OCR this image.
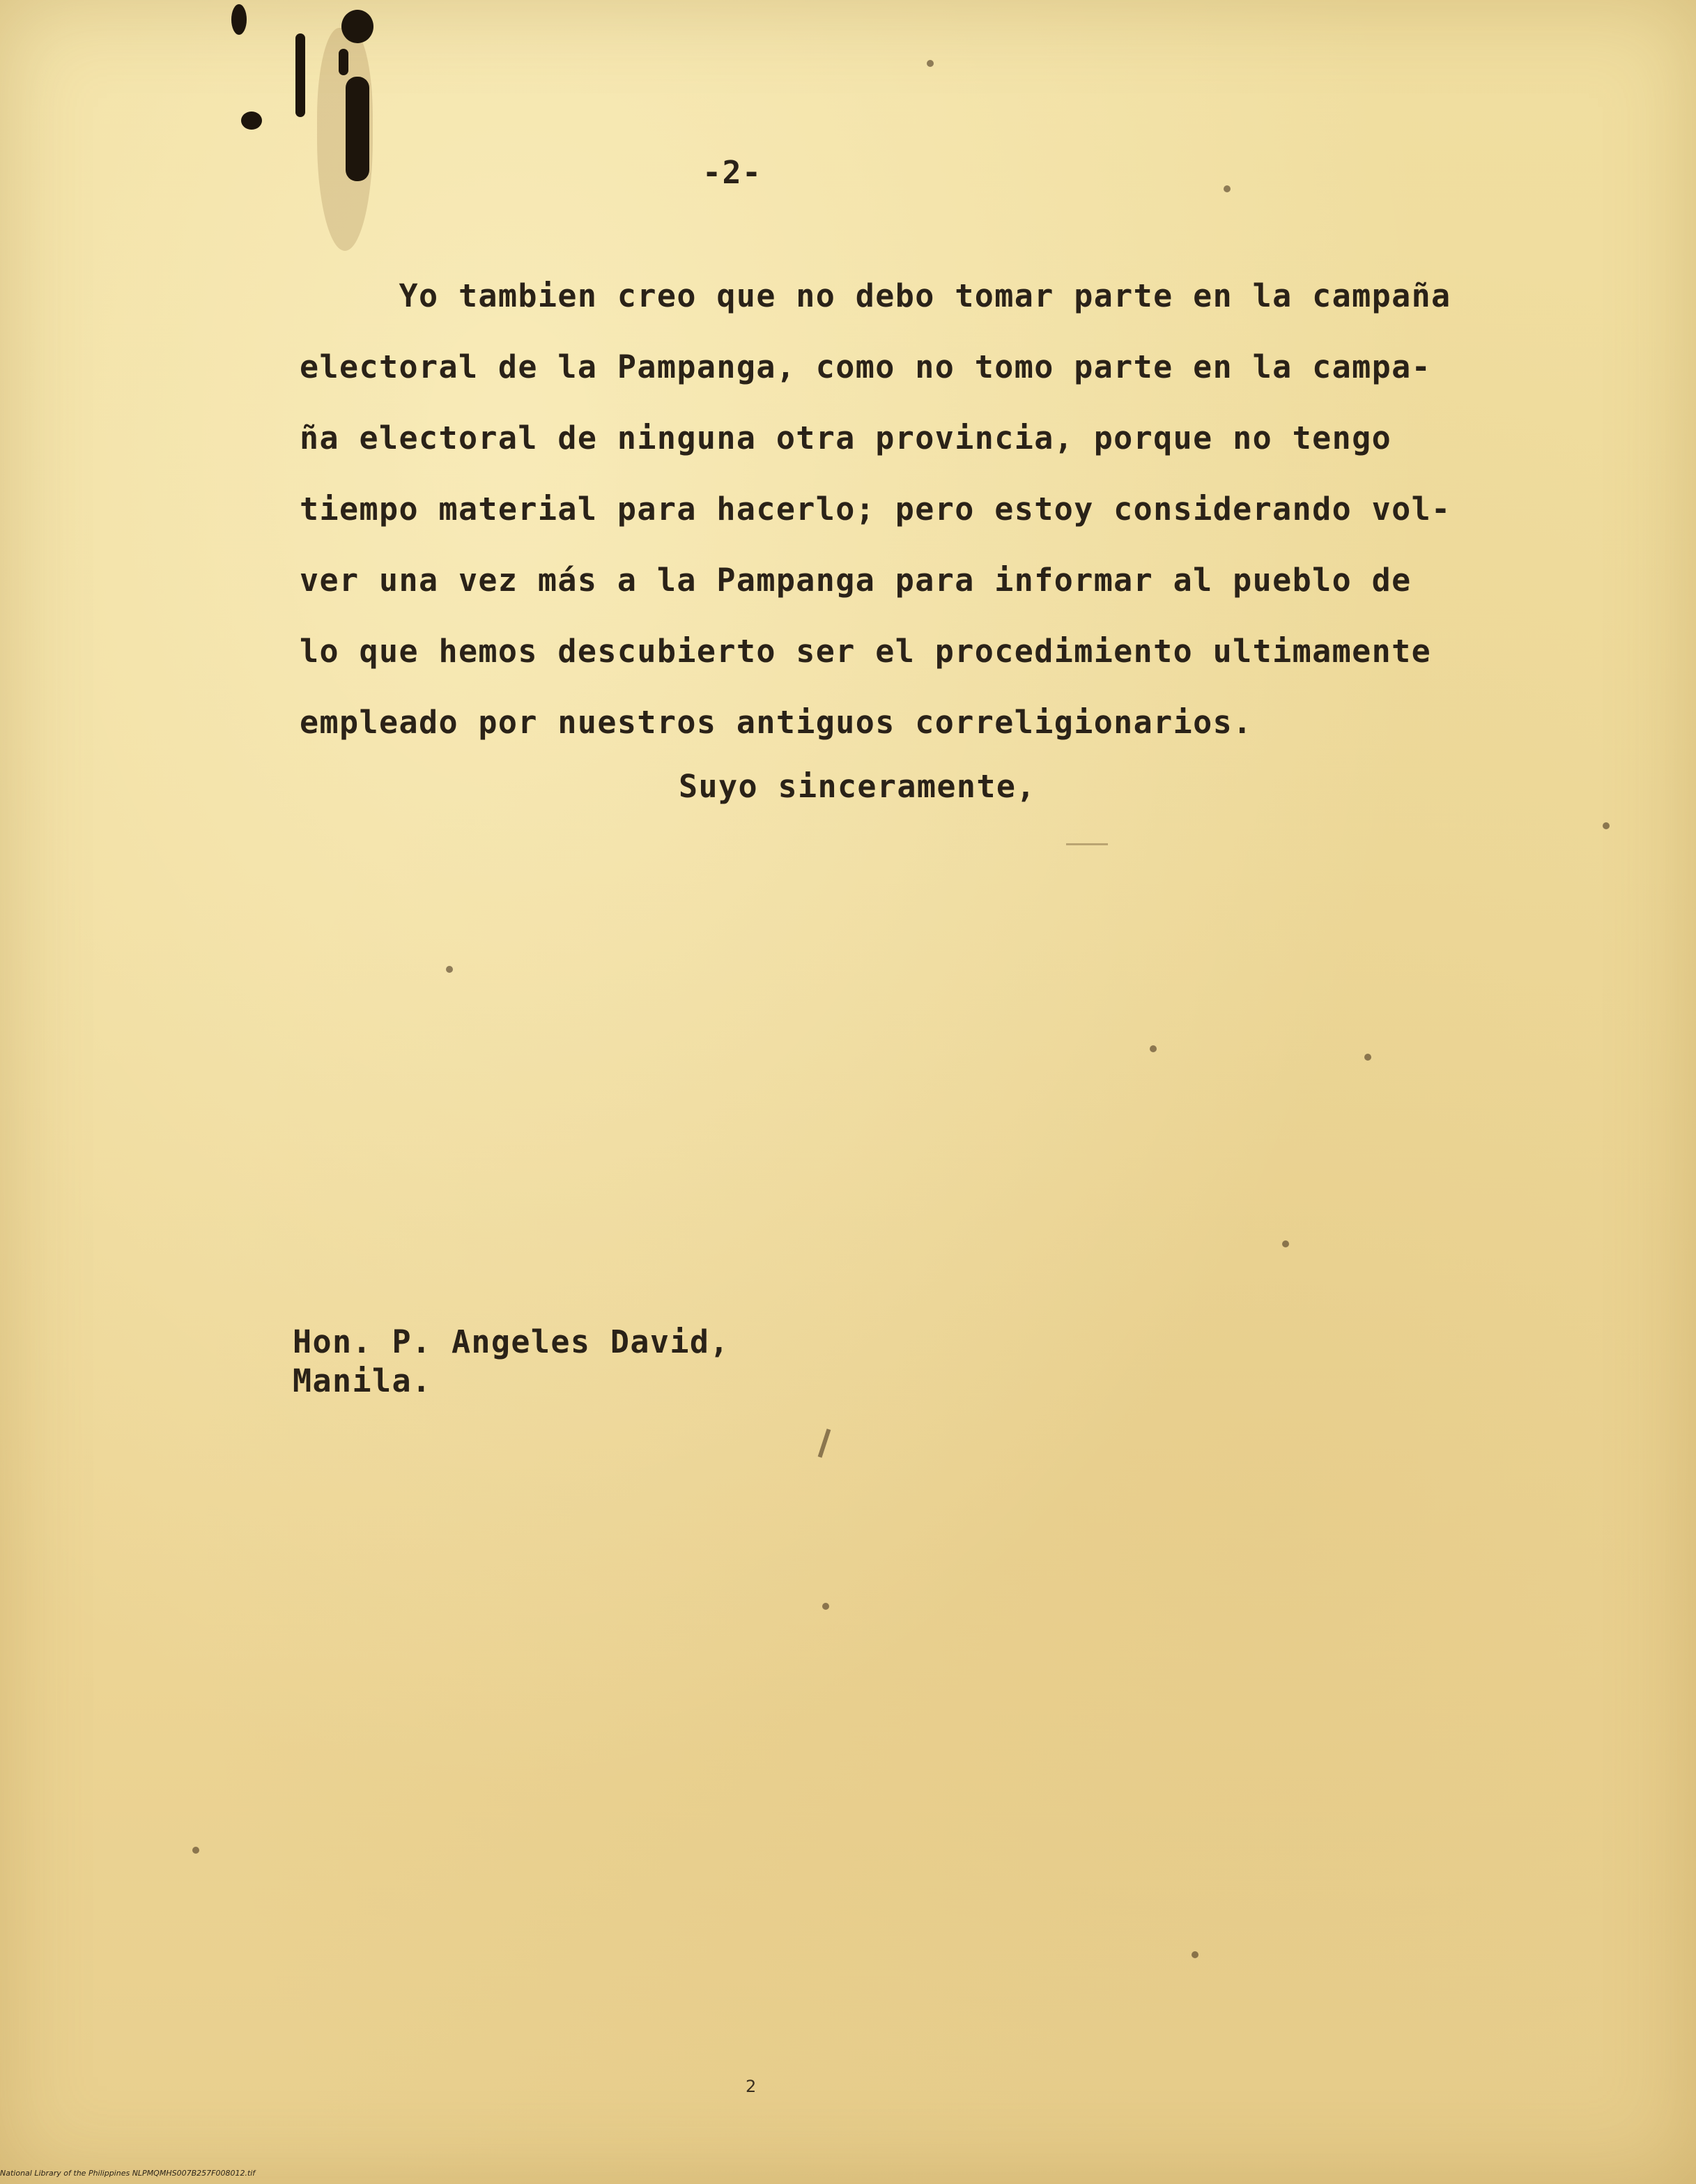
-2-
Yo tambien creo que no debo tomar parte en la campaña
electoral de la Pampanga, como no tomo parte en la campa-
ña electoral de ninguna otra provincia, porque no tengo
tiempo material para hacerlo; pero estoy considerando vol-
ver una vez más a la Pampanga para informar al pueblo de
lo que hemos descubierto ser el procedimiento ultimamente
empleado por nuestros antiguos correligionarios.
Suyo sinceramente,
Hon. P. Angeles David,
Manila.
2
National Library of the Philippines NLPMQMHS007B257F008012.tif
